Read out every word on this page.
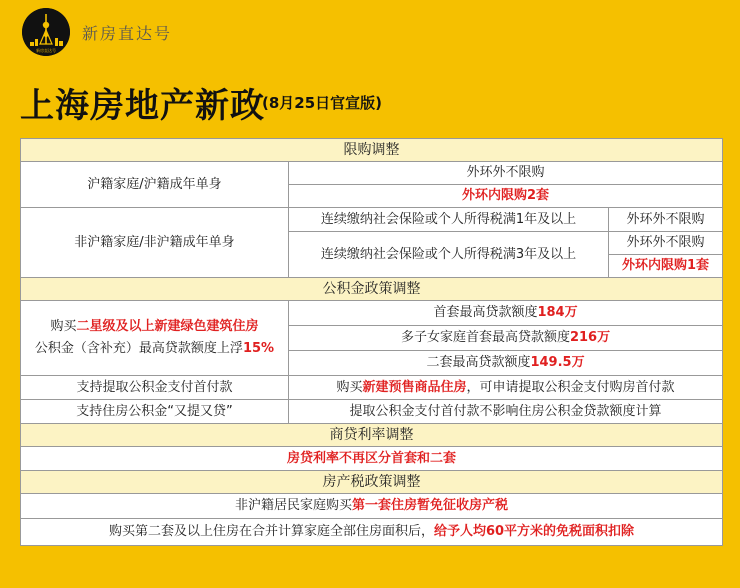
新房直达号
新房直达号
上海房地产新政
(8月25日官宣版)
限购调整		
沪籍家庭/沪籍成年单身	外环外不限购	
	外环内限购2套	
非沪籍家庭/非沪籍成年单身	连续缴纳社会保险或个人所得税满1年及以上	外环外不限购
	连续缴纳社会保险或个人所得税满3年及以上	外环外不限购
		外环内限购1套
公积金政策调整		

购买二星级及以上新建绿色建筑住房
公积金（含补充）最高贷款额度上浮15%	首套最高贷款额度184万	
	多子女家庭首套最高贷款额度216万	
	二套最高贷款额度149.5万	
支持提取公积金支付首付款	购买新建预售商品住房，可申请提取公积金支付购房首付款	
支持住房公积金“又提又贷”	提取公积金支付首付款不影响住房公积金贷款额度计算	
商贷利率调整		
房贷利率不再区分首套和二套		
房产税政策调整		
非沪籍居民家庭购买第一套住房暂免征收房产税		
购买第二套及以上住房在合并计算家庭全部住房面积后，给予人均60平方米的免税面积扣除		
